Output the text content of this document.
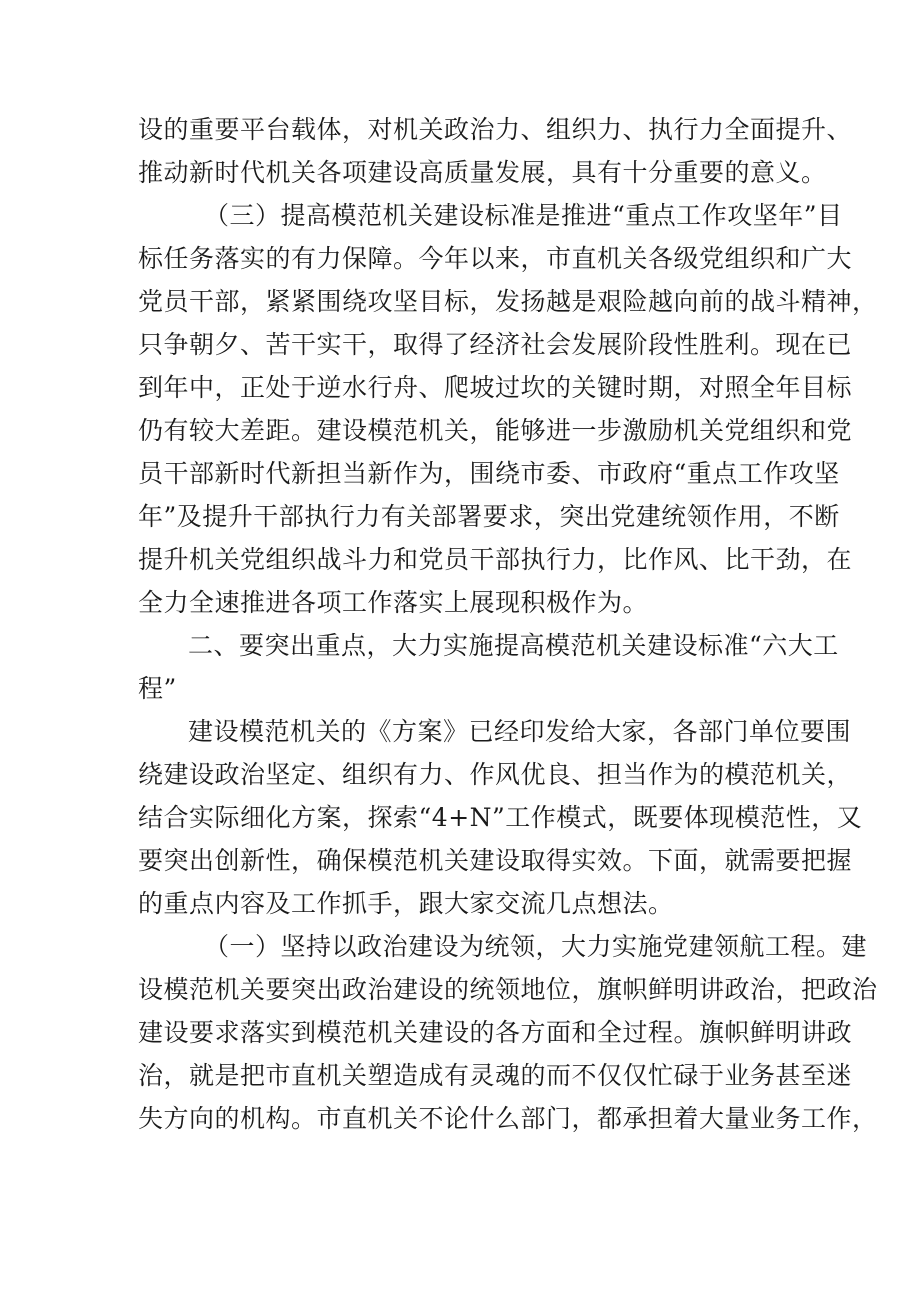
设的重要平台载体，对机关政治力、组织力、执行力全面提升、
推动新时代机关各项建设高质量发展，具有十分重要的意义。
（三）提高模范机关建设标准是推进“重点工作攻坚年”目
标任务落实的有力保障。今年以来，市直机关各级党组织和广大
党员干部，紧紧围绕攻坚目标，发扬越是艰险越向前的战斗精神，
只争朝夕、苦干实干，取得了经济社会发展阶段性胜利。现在已
到年中，正处于逆水行舟、爬坡过坎的关键时期，对照全年目标
仍有较大差距。建设模范机关，能够进一步激励机关党组织和党
员干部新时代新担当新作为，围绕市委、市政府“重点工作攻坚
年”及提升干部执行力有关部署要求，突出党建统领作用，不断
提升机关党组织战斗力和党员干部执行力，比作风、比干劲，在
全力全速推进各项工作落实上展现积极作为。
二、要突出重点，大力实施提高模范机关建设标准“六大工
程”
建设模范机关的《方案》已经印发给大家，各部门单位要围
绕建设政治坚定、组织有力、作风优良、担当作为的模范机关，
结合实际细化方案，探索“4+N”工作模式，既要体现模范性，又
要突出创新性，确保模范机关建设取得实效。下面，就需要把握
的重点内容及工作抓手，跟大家交流几点想法。
（一）坚持以政治建设为统领，大力实施党建领航工程。建
设模范机关要突出政治建设的统领地位，旗帜鲜明讲政治，把政治
建设要求落实到模范机关建设的各方面和全过程。旗帜鲜明讲政
治，就是把市直机关塑造成有灵魂的而不仅仅忙碌于业务甚至迷
失方向的机构。市直机关不论什么部门，都承担着大量业务工作，
